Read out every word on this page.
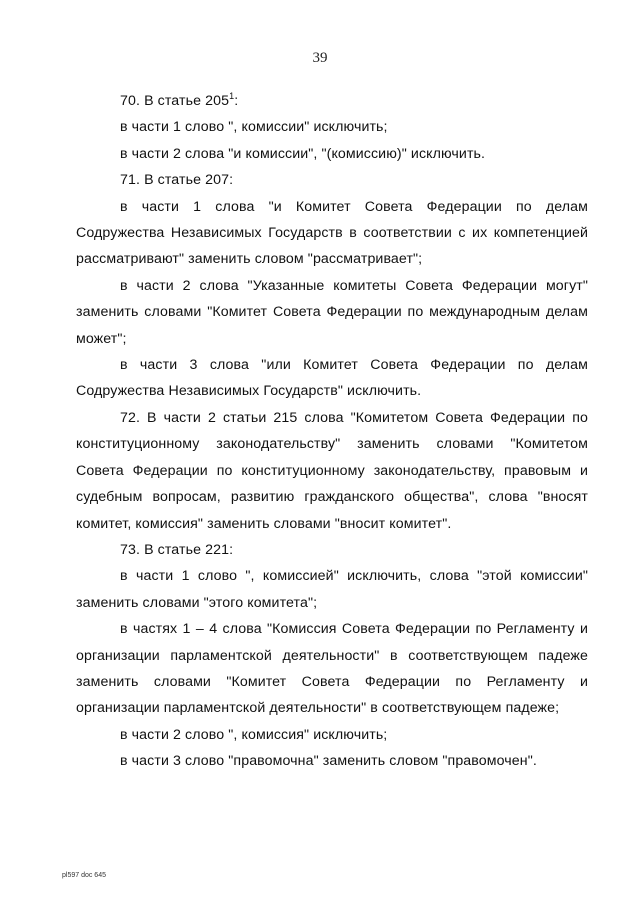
39

70. В статье $205^1$:

в части 1 слово ", комиссии" исключить;

в части 2 слова "и комиссии", "(комиссию)" исключить.

71. В статье 207:

в части 1 слова "и Комитет Совета Федерации по делам Содружества Независимых Государств в соответствии с их компетенцией рассматривают" заменить словом "рассматривает";

в части 2 слова "Указанные комитеты Совета Федерации могут" заменить словами "Комитет Совета Федерации по международным делам может";

в части 3 слова "или Комитет Совета Федерации по делам Содружества Независимых Государств" исключить.

72. В части 2 статьи 215 слова "Комитетом Совета Федерации по конституционному законодательству" заменить словами "Комитетом Совета Федерации по конституционному законодательству, правовым и судебным вопросам, развитию гражданского общества", слова "вносят комитет, комиссия" заменить словами "вносит комитет".

73. В статье 221:

в части 1 слово ", комиссией" исключить, слова "этой комиссии" заменить словами "этого комитета";

в частях 1 – 4 слова "Комиссия Совета Федерации по Регламенту и организации парламентской деятельности" в соответствующем падеже заменить словами "Комитет Совета Федерации по Регламенту и организации парламентской деятельности" в соответствующем падеже;

в части 2 слово ", комиссия" исключить;

в части 3 слово "правомочна" заменить словом "правомочен".

pl597 doc 645
